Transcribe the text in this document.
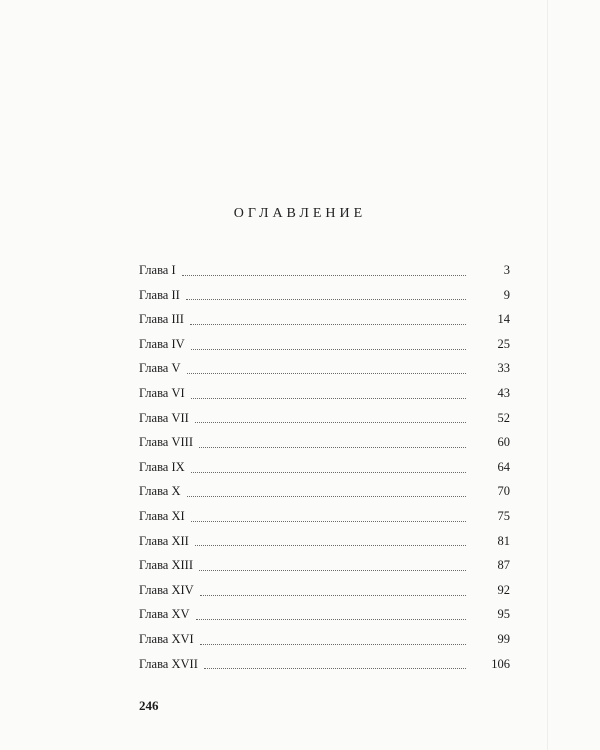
ОГЛАВЛЕНИЕ
Глава I	3
Глава II	9
Глава III	14
Глава IV	25
Глава V	33
Глава VI	43
Глава VII	52
Глава VIII	60
Глава IX	64
Глава X	70
Глава XI	75
Глава XII	81
Глава XIII	87
Глава XIV	92
Глава XV	95
Глава XVI	99
Глава XVII	106
246
